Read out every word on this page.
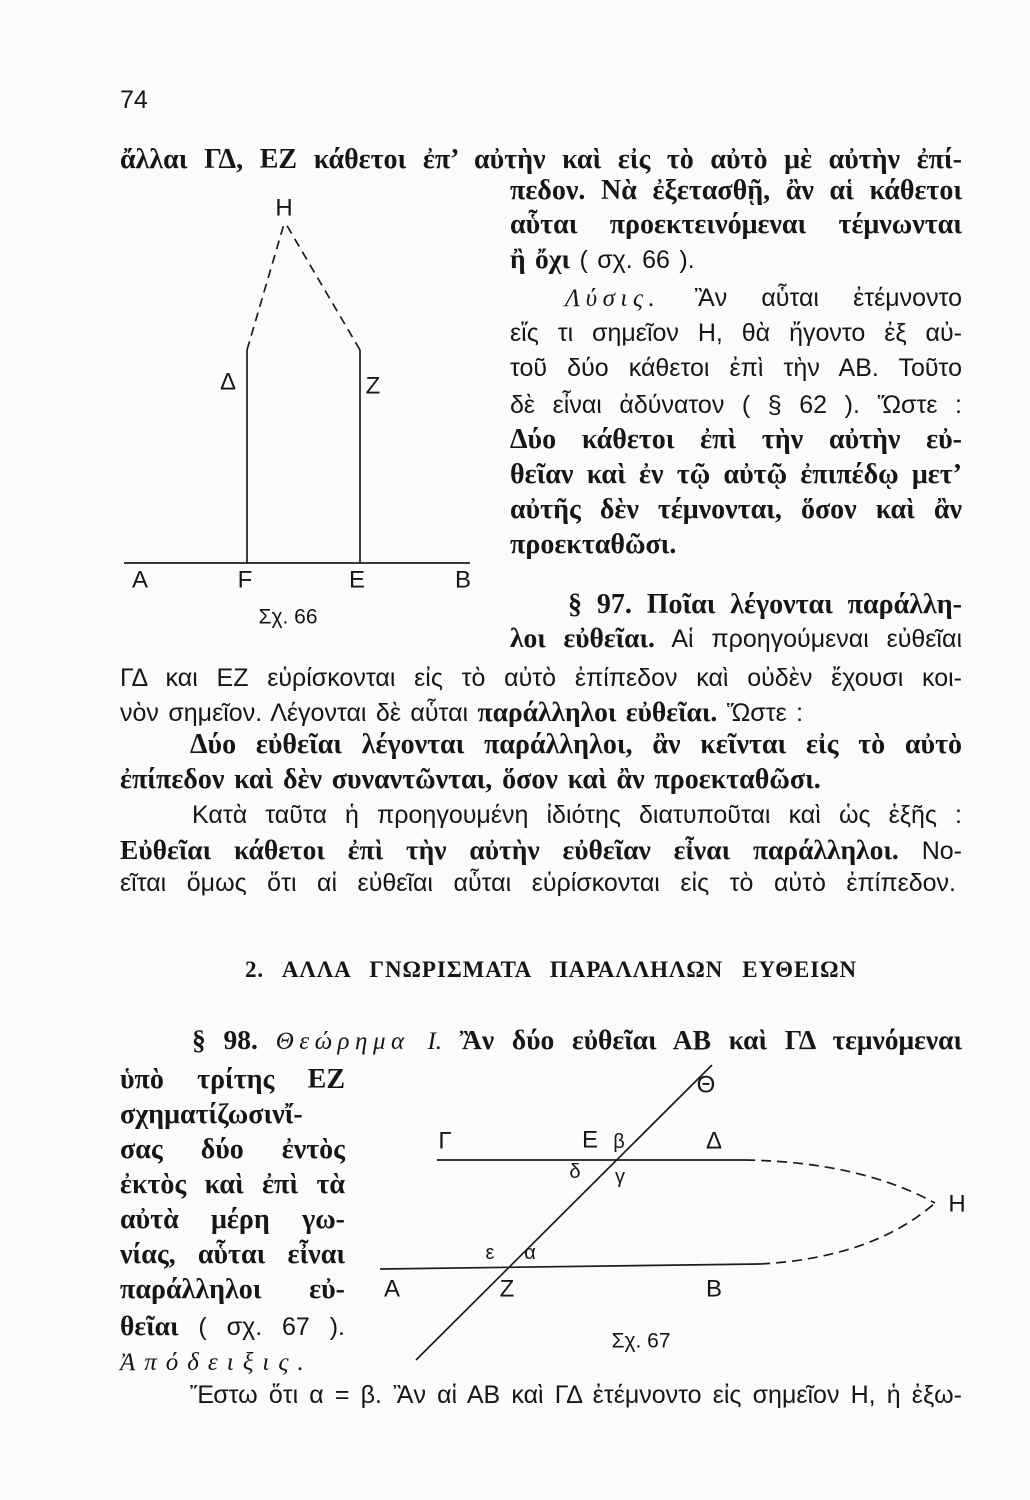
74
ἄλλαι ΓΔ, ΕΖ κάθετοι ἐπ’ αὐτὴν καὶ εἰς τὸ αὐτὸ μὲ αὐτὴν ἐπί-
πεδον. Νὰ ἐξετασθῇ, ἂν αἱ κάθετοι
αὗται προεκτεινόμεναι τέμνωνται
ἢ ὄχι ( σχ. 66 ).
Λύσις. Ἂν αὗται ἐτέμνοντο
εἴς τι σημεῖον Η, θὰ ἤγοντο ἐξ αὐ-
τοῦ δύο κάθετοι ἐπὶ τὴν ΑΒ. Τοῦτο
δὲ εἶναι ἀδύνατον ( § 62 ). Ὥστε :
Δύο κάθετοι ἐπὶ τὴν αὐτὴν εὐ-
θεῖαν καὶ ἐν τῷ αὐτῷ ἐπιπέδῳ μετ’
αὐτῆς δὲν τέμνονται, ὅσον καὶ ἂν
προεκταθῶσι.
§ 97. Ποῖαι λέγονται παράλλη-
λοι εὐθεῖαι. Αἱ προηγούμεναι εὐθεῖαι
ΓΔ και ΕΖ εὑρίσκονται εἰς τὸ αὐτὸ ἐπίπεδον καὶ οὐδὲν ἔχουσι κοι-
νὸν σημεῖον. Λέγονται δὲ αὗται παράλληλοι εὐθεῖαι. Ὥστε :
Δύο εὐθεῖαι λέγονται παράλληλοι, ἂν κεῖνται εἰς τὸ αὐτὸ
ἐπίπεδον καὶ δὲν συναντῶνται, ὅσον καὶ ἂν προεκταθῶσι.
Κατὰ ταῦτα ἡ προηγουμένη ἰδιότης διατυποῦται καὶ ὡς ἑξῆς :
Εὐθεῖαι κάθετοι ἐπὶ τὴν αὐτὴν εὐθεῖαν εἶναι παράλληλοι. Νο-
εῖται ὅμως ὅτι αἱ εὐθεῖαι αὗται εὑρίσκονται εἰς τὸ αὐτὸ ἐπίπεδον.
2. ΑΛΛΑ ΓΝΩΡΙΣΜΑΤΑ ΠΑΡΑΛΛΗΛΩΝ ΕΥΘΕΙΩΝ
§ 98. Θεώρημα I. Ἂν δύο εὐθεῖαι ΑΒ καὶ ΓΔ τεμνόμεναι
ὑπὸ τρίτης ΕΖ
σχηματίζωσινἴ-
σας δύο ἐντὸς
ἐκτὸς καὶ ἐπὶ τὰ
αὐτὰ μέρη γω-
νίας, αὗται εἶναι
παράλληλοι εὐ-
θεῖαι ( σχ. 67 ).
Ἀπόδειξις.
Ἔστω ὅτι α = β. Ἂν αἱ ΑΒ καὶ ΓΔ ἐτέμνοντο εἰς σημεῖον Η, ἡ ἐξω-
Η
Δ	Ζ
Α	F	Ε	Β
Σχ. 66
Θ
Γ	Ε β	Δ
δ γ
Η
ε α
Α	Ζ	Β
Σχ. 67
